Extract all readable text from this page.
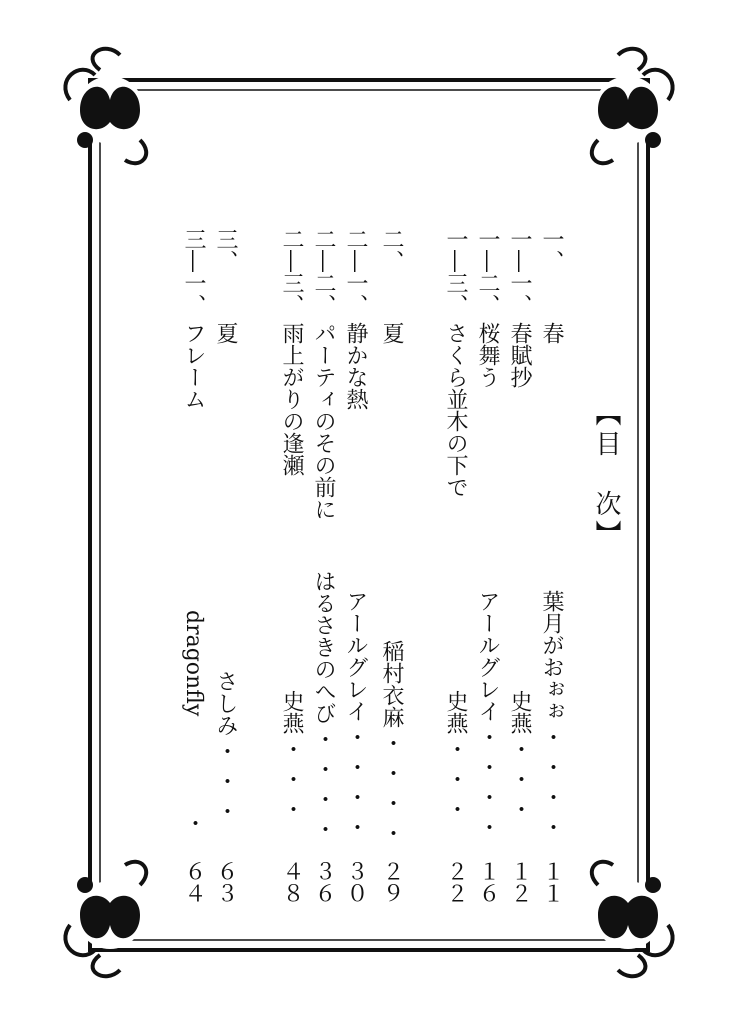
【目　次】
一、
春
一―一、
春賦抄
葉月がおぉぉ
・・・・
１１
一―二、
桜舞う
史燕
・・・
１２
一―三、
さくら並木の下で
アールグレイ
・・・・
１６
史燕
・・・
２２
二、
夏
二―一、
静かな熱
稲村衣麻
・・・・
２９
二―二、
パーティのその前に
アールグレイ
・・・・
３０
はるさきのへび
・・・・
３６
二―三、
雨上がりの逢瀬
史燕
・・・
４８
三、
夏
三―一、
フレーム
さしみ
・・・
６３
dragonfly
・
６４
